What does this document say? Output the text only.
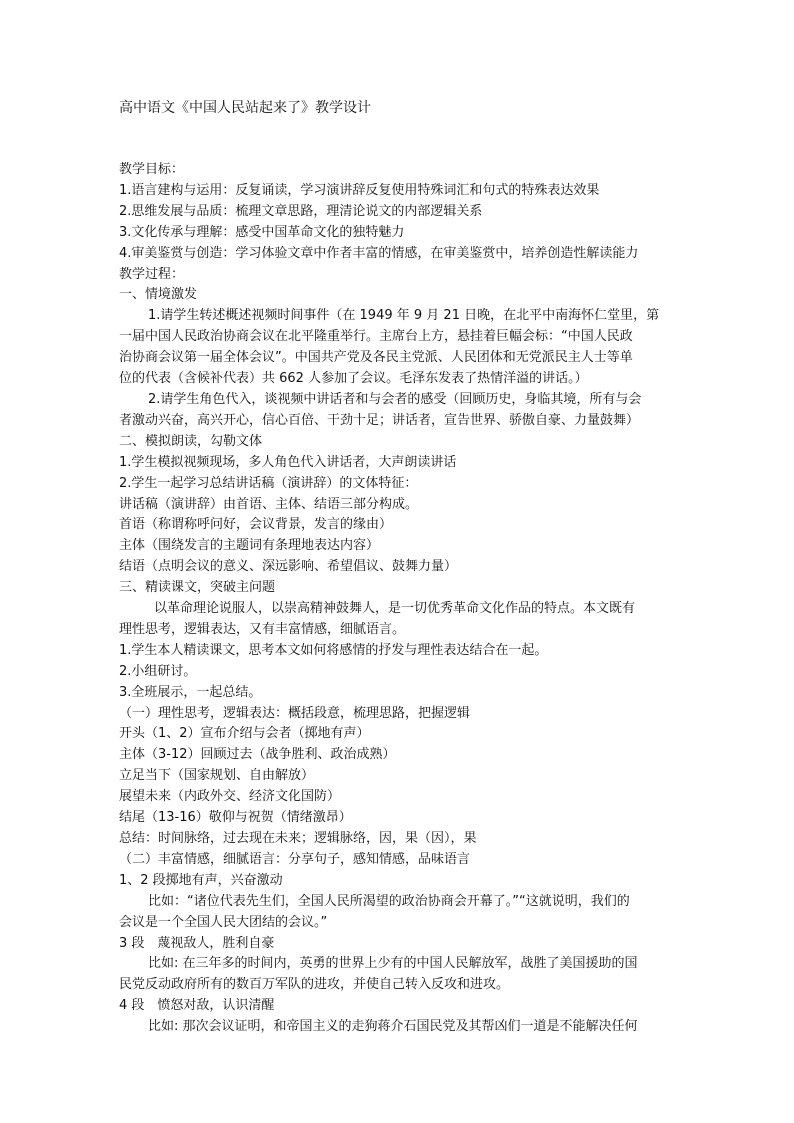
高中语文《中国人民站起来了》教学设计
教学目标：
1.语言建构与运用：反复诵读，学习演讲辞反复使用特殊词汇和句式的特殊表达效果
2.思维发展与品质：梳理文章思路，理清论说文的内部逻辑关系
3.文化传承与理解：感受中国革命文化的独特魅力
4.审美鉴赏与创造：学习体验文章中作者丰富的情感，在审美鉴赏中，培养创造性解读能力
教学过程：
一、情境激发
1.请学生转述概述视频时间事件（在 1949 年 9 月 21 日晚，在北平中南海怀仁堂里，第
一届中国人民政治协商会议在北平隆重举行。主席台上方，悬挂着巨幅会标：“中国人民政
治协商会议第一届全体会议”。中国共产党及各民主党派、人民团体和无党派民主人士等单
位的代表（含候补代表）共 662 人参加了会议。毛泽东发表了热情洋溢的讲话。）
2.请学生角色代入，谈视频中讲话者和与会者的感受（回顾历史，身临其境，所有与会
者激动兴奋，高兴开心，信心百倍、干劲十足；讲话者，宣告世界、骄傲自豪、力量鼓舞）
二、模拟朗读，勾勒文体
1.学生模拟视频现场，多人角色代入讲话者，大声朗读讲话
2.学生一起学习总结讲话稿（演讲辞）的文体特征：
讲话稿（演讲辞）由首语、主体、结语三部分构成。
首语（称谓称呼问好，会议背景，发言的缘由）
主体（围绕发言的主题词有条理地表达内容）
结语（点明会议的意义、深远影响、希望倡议、鼓舞力量）
三、精读课文，突破主问题
以革命理论说服人，以崇高精神鼓舞人，是一切优秀革命文化作品的特点。本文既有
理性思考，逻辑表达，又有丰富情感，细腻语言。
1.学生本人精读课文，思考本文如何将感情的抒发与理性表达结合在一起。
2.小组研讨。
3.全班展示，一起总结。
（一）理性思考，逻辑表达：概括段意，梳理思路，把握逻辑
开头（1、2）宣布介绍与会者（掷地有声）
主体（3-12）回顾过去（战争胜利、政治成熟）
立足当下（国家规划、自由解放）
展望未来（内政外交、经济文化国防）
结尾（13-16）敬仰与祝贺（情绪激昂）
总结：时间脉络，过去现在未来；逻辑脉络，因，果（因），果
（二）丰富情感，细腻语言：分享句子，感知情感，品味语言
1、2 段掷地有声，兴奋激动
比如：“诸位代表先生们，全国人民所渴望的政治协商会开幕了。”“这就说明，我们的
会议是一个全国人民大团结的会议。”
3 段　蔑视敌人，胜利自豪
比如: 在三年多的时间内，英勇的世界上少有的中国人民解放军，战胜了美国援助的国
民党反动政府所有的数百万军队的进攻，并使自己转入反攻和进攻。
4 段　愤怒对敌，认识清醒
比如: 那次会议证明，和帝国主义的走狗蒋介石国民党及其帮凶们一道是不能解决任何
